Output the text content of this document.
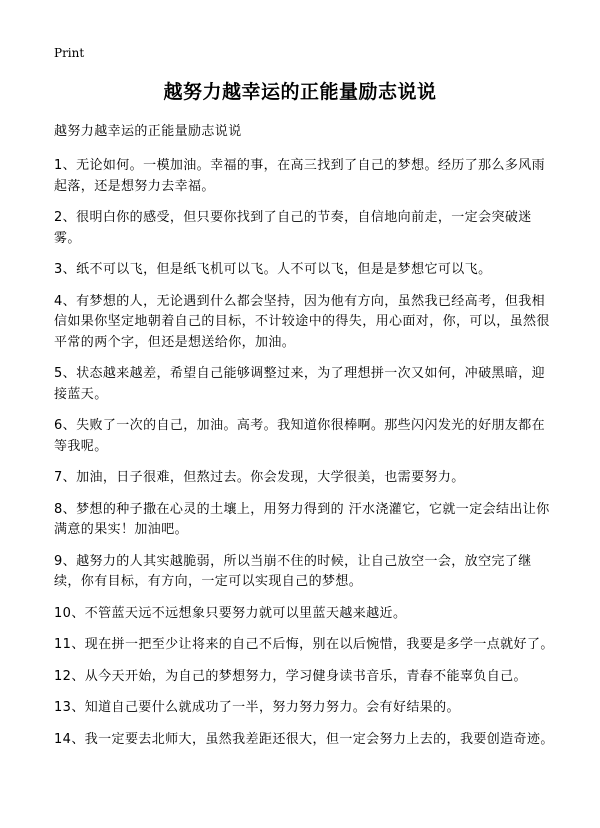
Print
越努力越幸运的正能量励志说说

越努力越幸运的正能量励志说说

1、无论如何。一模加油。幸福的事，在高三找到了自己的梦想。经历了那么多风雨起落，还是想努力去幸福。

2、很明白你的感受，但只要你找到了自己的节奏，自信地向前走，一定会突破迷雾。

3、纸不可以飞，但是纸飞机可以飞。人不可以飞，但是是梦想它可以飞。

4、有梦想的人，无论遇到什么都会坚持，因为他有方向，虽然我已经高考，但我相信如果你坚定地朝着自己的目标，不计较途中的得失，用心面对，你，可以，虽然很平常的两个字，但还是想送给你，加油。

5、状态越来越差，希望自己能够调整过来，为了理想拼一次又如何，冲破黑暗，迎接蓝天。

6、失败了一次的自己，加油。高考。我知道你很棒啊。那些闪闪发光的好朋友都在等我呢。

7、加油，日子很难，但熬过去。你会发现，大学很美，也需要努力。

8、梦想的种子撒在心灵的土壤上，用努力得到的 汗水浇灌它，它就一定会结出让你满意的果实！加油吧。

9、越努力的人其实越脆弱，所以当崩不住的时候，让自己放空一会，放空完了继续，你有目标，有方向，一定可以实现自己的梦想。

10、不管蓝天远不远想象只要努力就可以里蓝天越来越近。

11、现在拼一把至少让将来的自己不后悔，别在以后惋惜，我要是多学一点就好了。

12、从今天开始，为自己的梦想努力，学习健身读书音乐，青春不能辜负自己。

13、知道自己要什么就成功了一半，努力努力努力。会有好结果的。

14、我一定要去北师大，虽然我差距还很大，但一定会努力上去的，我要创造奇迹。
